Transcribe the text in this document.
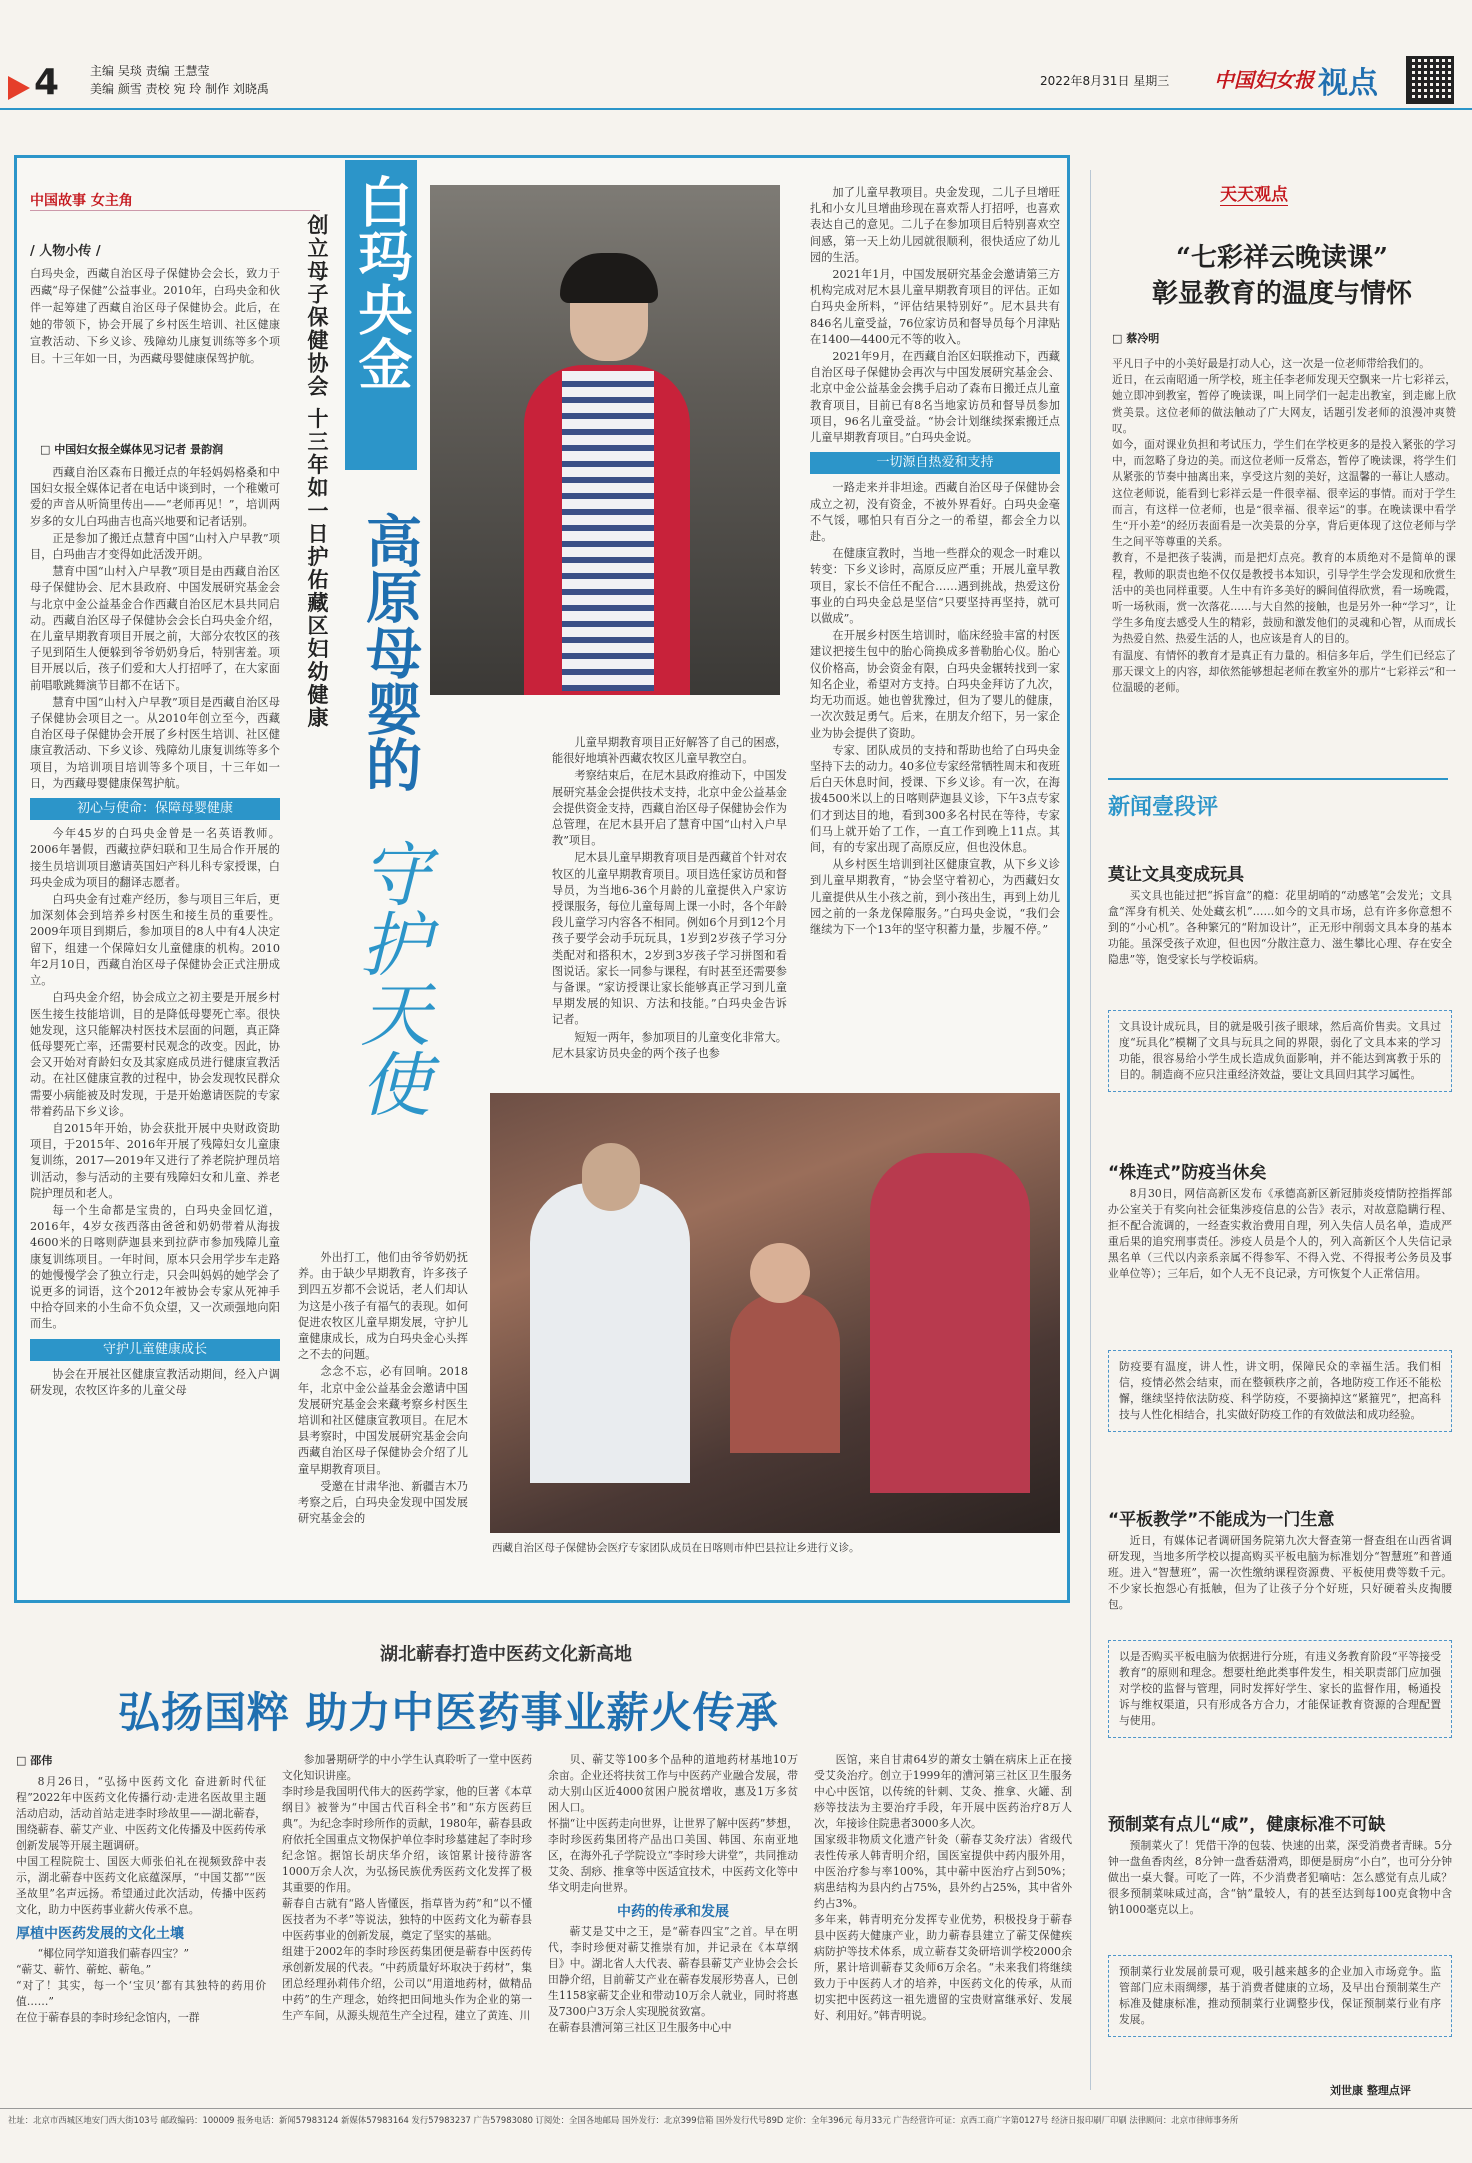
4	主编 吴琰 责编 王慧莹
美编 颜雪 责校 宛 玲 制作 刘晓禹
2022年8月31日 星期三 中国妇女报 视点
中国故事 女主角
/ 人物小传 /
白玛央金，西藏自治区母子保健协会会长，致力于西藏“母子保健”公益事业。2010年，白玛央金和伙伴一起筹建了西藏自治区母子保健协会。此后，在她的带领下，协会开展了乡村医生培训、社区健康宣教活动、下乡义诊、残障幼儿康复训练等多个项目。十三年如一日，为西藏母婴健康保驾护航。
□ 中国妇女报全媒体见习记者 景韵润	创立母子保健协会 十三年如一日护佑藏区妇幼健康 白玛央金
高原母婴的
守护天使
西藏自治区母子保健协会医疗专家团队成员在日喀则市仲巴县拉让乡进行义诊。

西藏自治区森布日搬迁点的年轻妈妈格桑和中国妇女报全媒体记者在电话中谈到时，一个稚嫩可爱的声音从听筒里传出——“老师再见！”，培训两岁多的女儿白玛曲吉也高兴地要和记者话别。

正是参加了搬迁点慧育中国“山村入户早教”项目，白玛曲吉才变得如此活泼开朗。

慧育中国“山村入户早教”项目是由西藏自治区母子保健协会、尼木县政府、中国发展研究基金会与北京中金公益基金合作西藏自治区尼木县共同启动。西藏自治区母子保健协会会长白玛央金介绍，在儿童早期教育项目开展之前，大部分农牧区的孩子见到陌生人便躲到爷爷奶奶身后，特别害羞。项目开展以后，孩子们爱和大人打招呼了，在大家面前唱歌跳舞演节目都不在话下。

慧育中国“山村入户早教”项目是西藏自治区母子保健协会项目之一。从2010年创立至今，西藏自治区母子保健协会开展了乡村医生培训、社区健康宣教活动、下乡义诊、残障幼儿康复训练等多个项目，为培训项目培训等多个项目，十三年如一日，为西藏母婴健康保驾护航。

初心与使命：保障母婴健康

今年45岁的白玛央金曾是一名英语教师。2006年暑假，西藏拉萨妇联和卫生局合作开展的接生员培训项目邀请英国妇产科儿科专家授课，白玛央金成为项目的翻译志愿者。

白玛央金有过难产经历，参与项目三年后，更加深刻体会到培养乡村医生和接生员的重要性。2009年项目到期后，参加项目的8人中有4人决定留下，组建一个保障妇女儿童健康的机构。2010年2月10日，西藏自治区母子保健协会正式注册成立。

白玛央金介绍，协会成立之初主要是开展乡村医生接生技能培训，目的是降低母婴死亡率。很快她发现，这只能解决村医技术层面的问题，真正降低母婴死亡率，还需要村民观念的改变。因此，协会又开始对育龄妇女及其家庭成员进行健康宣教活动。在社区健康宣教的过程中，协会发现牧民群众需要小病能被及时发现，于是开始邀请医院的专家带着药品下乡义诊。

自2015年开始，协会获批开展中央财政资助项目，于2015年、2016年开展了残障妇女儿童康复训练，2017—2019年又进行了养老院护理员培训活动，参与活动的主要有残障妇女和儿童、养老院护理员和老人。

每一个生命都是宝贵的，白玛央金回忆道，2016年，4岁女孩西落由爸爸和奶奶带着从海拔4600米的日喀则萨迦县来到拉萨市参加残障儿童康复训练项目。一年时间，原本只会用学步车走路的她慢慢学会了独立行走，只会叫妈妈的她学会了说更多的词语，这个2012年被协会专家从死神手中拾夺回来的小生命不负众望，又一次顽强地向阳而生。

守护儿童健康成长

协会在开展社区健康宣教活动期间，经入户调研发现，农牧区许多的儿童父母

外出打工，他们由爷爷奶奶抚养。由于缺少早期教育，许多孩子到四五岁都不会说话，老人们却认为这是小孩子有福气的表现。如何促进农牧区儿童早期发展，守护儿童健康成长，成为白玛央金心头挥之不去的问题。

念念不忘，必有回响。2018年，北京中金公益基金会邀请中国发展研究基金会来藏考察乡村医生培训和社区健康宣教项目。在尼木县考察时，中国发展研究基金会向西藏自治区母子保健协会介绍了儿童早期教育项目。

受邀在甘肃华池、新疆吉木乃考察之后，白玛央金发现中国发展研究基金会的

儿童早期教育项目正好解答了自己的困惑，能很好地填补西藏农牧区儿童早教空白。

考察结束后，在尼木县政府推动下，中国发展研究基金会提供技术支持，北京中金公益基金会提供资金支持，西藏自治区母子保健协会作为总管理，在尼木县开启了慧育中国“山村入户早教”项目。

尼木县儿童早期教育项目是西藏首个针对农牧区的儿童早期教育项目。项目选任家访员和督导员，为当地6-36个月龄的儿童提供入户家访授课服务，每位儿童每周上课一小时，各个年龄段儿童学习内容各不相同。例如6个月到12个月孩子要学会动手玩玩具，1岁到2岁孩子学习分类配对和搭积木，2岁到3岁孩子学习拼图和看图说话。家长一同参与课程，有时甚至还需要参与备课。“家访授课让家长能够真正学习到儿童早期发展的知识、方法和技能。”白玛央金告诉记者。

短短一两年，参加项目的儿童变化非常大。尼木县家访员央金的两个孩子也参

加了儿童早教项目。央金发现，二儿子旦增旺扎和小女儿旦增曲珍现在喜欢帮人打招呼，也喜欢表达自己的意见。二儿子在参加项目后特别喜欢空间感，第一天上幼儿园就很顺利，很快适应了幼儿园的生活。

2021年1月，中国发展研究基金会邀请第三方机构完成对尼木县儿童早期教育项目的评估。正如白玛央金所料，“评估结果特别好”。尼木县共有846名儿童受益，76位家访员和督导员每个月津贴在1400—4400元不等的收入。

2021年9月，在西藏自治区妇联推动下，西藏自治区母子保健协会再次与中国发展研究基金会、北京中金公益基金会携手启动了森布日搬迁点儿童教育项目，目前已有8名当地家访员和督导员参加项目，96名儿童受益。“协会计划继续探索搬迁点儿童早期教育项目。”白玛央金说。

一切源自热爱和支持

一路走来并非坦途。西藏自治区母子保健协会成立之初，没有资金，不被外界看好。白玛央金毫不气馁，哪怕只有百分之一的希望，都会全力以赴。

在健康宣教时，当地一些群众的观念一时难以转变：下乡义诊时，高原反应严重；开展儿童早教项目，家长不信任不配合……遇到挑战，热爱这份事业的白玛央金总是坚信“只要坚持再坚持，就可以做成”。

在开展乡村医生培训时，临床经验丰富的村医建议把接生包中的胎心筒换成多普勒胎心仪。胎心仪价格高，协会资金有限，白玛央金辗转找到一家知名企业，希望对方支持。白玛央金拜访了九次，均无功而返。她也曾犹豫过，但为了婴儿的健康，一次次鼓足勇气。后来，在朋友介绍下，另一家企业为协会提供了资助。

专家、团队成员的支持和帮助也给了白玛央金坚持下去的动力。40多位专家经常牺牲周末和夜班后白天休息时间，授课、下乡义诊。有一次，在海拔4500米以上的日喀则萨迦县义诊，下午3点专家们才到达目的地，看到300多名村民在等待，专家们马上就开始了工作，一直工作到晚上11点。其间，有的专家出现了高原反应，但也没休息。

从乡村医生培训到社区健康宣教，从下乡义诊到儿童早期教育，“协会坚守着初心，为西藏妇女儿童提供从生小孩之前，到小孩出生，再到上幼儿园之前的一条龙保障服务。”白玛央金说，“我们会继续为下一个13年的坚守积蓄力量，步履不停。”

天天观点
“七彩祥云晚读课”
彰显教育的温度与情怀
□ 蔡冷明
平凡日子中的小美好最是打动人心，这一次是一位老师带给我们的。
近日，在云南昭通一所学校，班主任李老师发现天空飘来一片七彩祥云，她立即冲到教室，暂停了晚读课，叫上同学们一起走出教室，到走廊上欣赏美景。这位老师的做法触动了广大网友，话题引发老师的浪漫冲爽赞叹。
如今，面对课业负担和考试压力，学生们在学校更多的是投入紧张的学习中，而忽略了身边的美。而这位老师一反常态，暂停了晚读课，将学生们从紧张的节奏中抽离出来，享受这片刻的美好，这温馨的一幕让人感动。这位老师说，能看到七彩祥云是一件很幸福、很幸运的事情。而对于学生而言，有这样一位老师，也是“很幸福、很幸运”的事。在晚读课中看学生“开小差”的经历表面看是一次美景的分享，背后更体现了这位老师与学生之间平等尊重的关系。
教育，不是把孩子装满，而是把灯点亮。教育的本质绝对不是简单的课程，教师的职责也绝不仅仅是教授书本知识，引导学生学会发现和欣赏生活中的美也同样重要。人生中有许多美好的瞬间值得欣赏，看一场晚霞，听一场秋雨，赏一次落花……与大自然的接触，也是另外一种“学习”，让学生多角度去感受人生的精彩，鼓励和激发他们的灵魂和心智，从而成长为热爱自然、热爱生活的人，也应该是育人的目的。
有温度、有情怀的教育才是真正有力量的。相信多年后，学生们已经忘了那天课文上的内容，却依然能够想起老师在教室外的那片“七彩祥云”和一位温暖的老师。
新闻壹段评
莫让文具变成玩具
买文具也能过把“拆盲盒”的瘾：花里胡哨的“动感笔”会发光；文具盒“浑身有机关、处处藏玄机”……如今的文具市场，总有许多你意想不到的“小心机”。各种繁冗的“附加设计”，正无形中削弱文具本身的基本功能。虽深受孩子欢迎，但也因“分散注意力、滋生攀比心理、存在安全隐患”等，饱受家长与学校诟病。
文具设计成玩具，目的就是吸引孩子眼球，然后高价售卖。文具过度“玩具化”模糊了文具与玩具之间的界限，弱化了文具本来的学习功能，很容易给小学生成长造成负面影响，并不能达到寓教于乐的目的。制造商不应只注重经济效益，要让文具回归其学习属性。
“株连式”防疫当休矣
8月30日，网信高新区发布《承德高新区新冠肺炎疫情防控指挥部办公室关于有奖向社会征集涉疫信息的公告》表示，对故意隐瞒行程、拒不配合流调的，一经查实救治费用自理，列入失信人员名单，造成严重后果的追究刑事责任。涉疫人员是个人的，列入高新区个人失信记录黑名单（三代以内亲系亲属不得参军、不得入党、不得报考公务员及事业单位等）；三年后，如个人无不良记录，方可恢复个人正常信用。
防疫要有温度，讲人性，讲文明，保障民众的幸福生活。我们相信，疫情必然会结束，而在整顿秩序之前，各地防疫工作还不能松懈，继续坚持依法防疫、科学防疫，不要摘掉这“紧箍咒”，把高科技与人性化相结合，扎实做好防疫工作的有效做法和成功经验。
“平板教学”不能成为一门生意
近日，有媒体记者调研国务院第九次大督查第一督查组在山西省调研发现，当地多所学校以提高购买平板电脑为标准划分“智慧班”和普通班。进入“智慧班”，需一次性缴纳课程资源费、平板使用费等数千元。不少家长抱怨心有抵触，但为了让孩子分个好班，只好硬着头皮掏腰包。
以是否购买平板电脑为依据进行分班，有违义务教育阶段“平等接受教育”的原则和理念。想要杜绝此类事件发生，相关职责部门应加强对学校的监督与管理，同时发挥好学生、家长的监督作用，畅通投诉与维权渠道，只有形成各方合力，才能保证教育资源的合理配置与使用。
预制菜有点儿“咸”，健康标准不可缺
预制菜火了！凭借干净的包装、快速的出菜，深受消费者青睐。5分钟一盘鱼香肉丝，8分钟一盘香菇滑鸡，即便是厨房“小白”，也可分分钟做出一桌大餐。可吃了一阵，不少消费者犯嘀咕：怎么感觉有点儿咸？很多预制菜味咸过高，含“钠”量较人，有的甚至达到每100克食物中含钠1000毫克以上。
预制菜行业发展前景可观，吸引越来越多的企业加入市场竞争。监管部门应未雨绸缪，基于消费者健康的立场，及早出台预制菜生产标准及健康标准，推动预制菜行业调整步伐，保证预制菜行业有序发展。
刘世康 整理点评
湖北蕲春打造中医药文化新高地
弘扬国粹 助力中医药事业薪火传承
□ 邵伟
8月26日，“弘扬中医药文化 奋进新时代征程”2022年中医药文化传播行动·走进名医故里主题活动启动，活动首站走进李时珍故里——湖北蕲春，围绕蕲春、蕲艾产业、中医药文化传播及中医药传承创新发展等开展主题调研。
中国工程院院士、国医大师张伯礼在视频致辞中表示，湖北蕲春中医药文化底蕴深厚，“中国艾都”“医圣故里”名声远扬。希望通过此次活动，传播中医药文化，助力中医药事业薪火传承不息。
厚植中医药发展的文化土壤
“椰位同学知道我们蕲春四宝？”
“蕲艾、蕲竹、蕲蛇、蕲龟。”
“对了！其实，每一个‘宝贝’都有其独特的药用价值……”
在位于蕲春县的李时珍纪念馆内，一群
参加暑期研学的中小学生认真聆听了一堂中医药文化知识讲座。
李时珍是我国明代伟大的医药学家，他的巨著《本草纲目》被誉为“中国古代百科全书”和“东方医药巨典”。为纪念李时珍所作的贡献，1980年，蕲春县政府依托全国重点文物保护单位李时珍墓建起了李时珍纪念馆。据馆长胡庆华介绍，该馆累计接待游客1000万余人次，为弘扬民族优秀医药文化发挥了极其重要的作用。
蕲春自古就有“路人皆懂医，指草皆为药”和“以不懂医技者为不孝”等说法，独特的中医药文化为蕲春县中医药事业的创新发展，奠定了坚实的基础。
组建于2002年的李时珍医药集团便是蕲春中医药传承创新发展的代表。“中药质量好坏取决于药材”，集团总经理孙莉伟介绍，公司以“用道地药材，做精品中药”的生产理念，始终把田间地头作为企业的第一生产车间，从源头规范生产全过程，建立了黄连、川
贝、蕲艾等100多个品种的道地药材基地10万余亩。企业还将扶贫工作与中医药产业融合发展，带动大别山区近4000贫困户脱贫增收，惠及1万多贫困人口。
怀揣“让中医药走向世界，让世界了解中医药”梦想，李时珍医药集团将产品出口美国、韩国、东南亚地区，在海外孔子学院设立“李时珍大讲堂”，共同推动艾灸、刮痧、推拿等中医适宜技术，中医药文化等中华文明走向世界。
中药的传承和发展
蕲艾是艾中之王，是“蕲春四宝”之首。早在明代，李时珍便对蕲艾推崇有加，并记录在《本草纲目》中。湖北省人大代表、蕲春县蕲艾产业协会会长田静介绍，目前蕲艾产业在蕲春发展形势喜人，已创生1158家蕲艾企业和带动10万余人就业，同时将惠及7300户3万余人实现脱贫致富。
在蕲春县漕河第三社区卫生服务中心中
医馆，来自甘肃64岁的萧女士躺在病床上正在接受艾灸治疗。创立于1999年的漕河第三社区卫生服务中心中医馆，以传统的针刺、艾灸、推拿、火罐、刮痧等技法为主要治疗手段，年开展中医药治疗8万人次，年接诊住院患者3000多人次。
国家级非物质文化遗产针灸（蕲春艾灸疗法）省级代表性传承人韩青明介绍，国医室提供中药内服外用，中医治疗参与率100%，其中蕲中医治疗占到50%；病患结构为县内约占75%，县外约占25%，其中省外约占3%。
多年来，韩青明充分发挥专业优势，积极投身于蕲春县中医药大健康产业，助力蕲春县建立了蕲艾保健疾病防护等技术体系，成立蕲春艾灸研培训学校2000余所，累计培训蕲春艾灸师6万余名。“未来我们将继续致力于中医药人才的培养，中医药文化的传承，从而切实把中医药这一祖先遗留的宝贵财富继承好、发展好、利用好。”韩青明说。
社址：北京市西城区地安门西大街103号 邮政编码：100009 报务电话：新闻57983124 新媒体57983164 发行57983237 广告57983080 订阅处：全国各地邮局 国外发行：北京399信箱 国外发行代号89D 定价：全年396元 每月33元 广告经营许可证：京西工商广字第0127号 经济日报印刷厂印刷 法律顾问：北京市律师事务所
